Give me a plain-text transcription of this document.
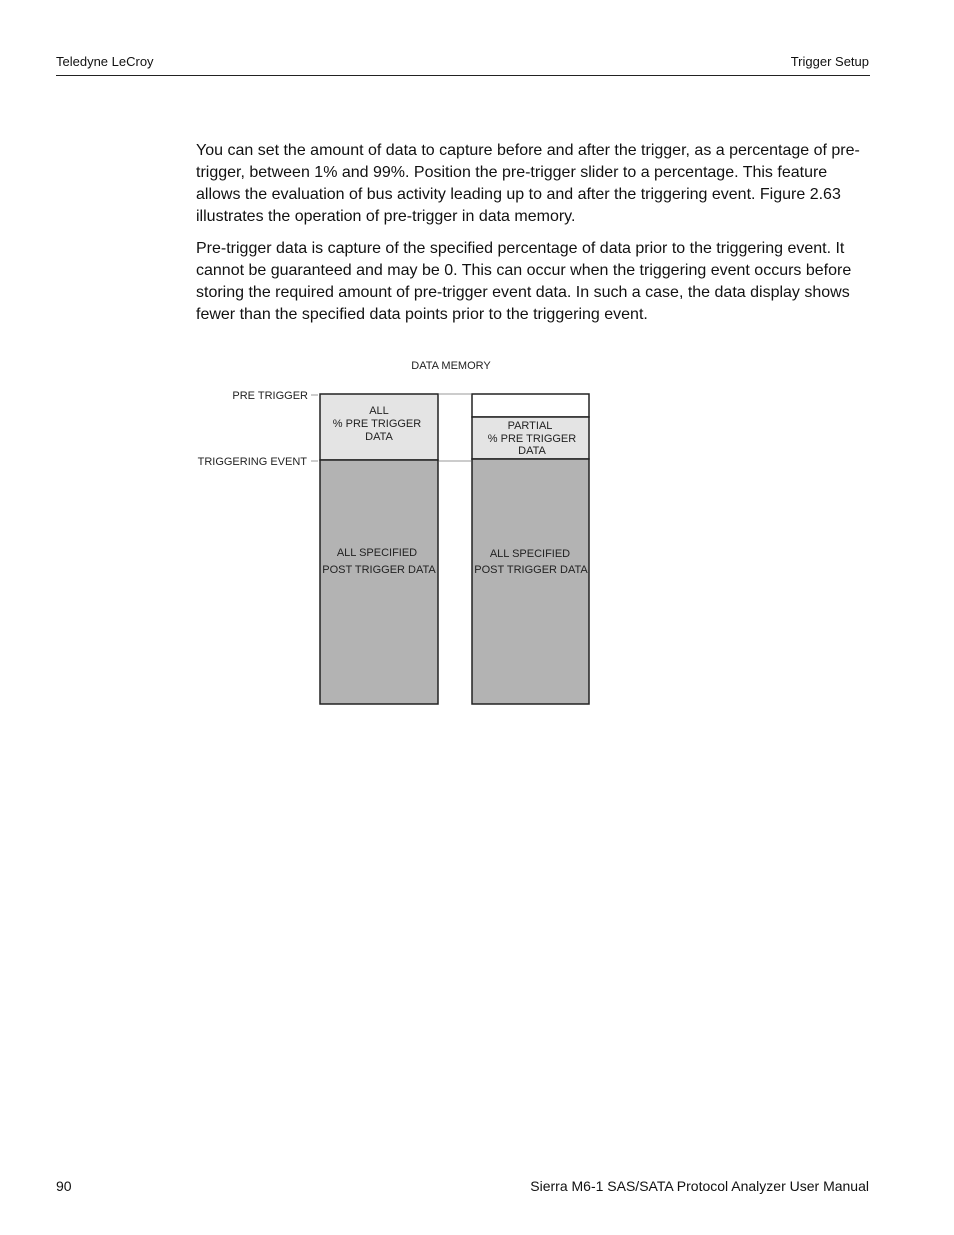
Teledyne LeCroy	Trigger Setup

You can set the amount of data to capture before and after the trigger, as a percentage of pre-trigger, between 1% and 99%. Position the pre-trigger slider to a percentage. This feature allows the evaluation of bus activity leading up to and after the triggering event. Figure 2.63 illustrates the operation of pre-trigger in data memory.

Pre-trigger data is capture of the specified percentage of data prior to the triggering event. It cannot be guaranteed and may be 0. This can occur when the triggering event occurs before storing the required amount of pre-trigger event data. In such a case, the data display shows fewer than the specified data points prior to the triggering event.

DATA MEMORY
PRE TRIGGER
TRIGGERING EVENT
ALL
% PRE TRIGGER
DATA
ALL SPECIFIED
POST TRIGGER DATA
PARTIAL
% PRE TRIGGER
DATA
ALL SPECIFIED
POST TRIGGER DATA
90	Sierra M6-1 SAS/SATA Protocol Analyzer User Manual
